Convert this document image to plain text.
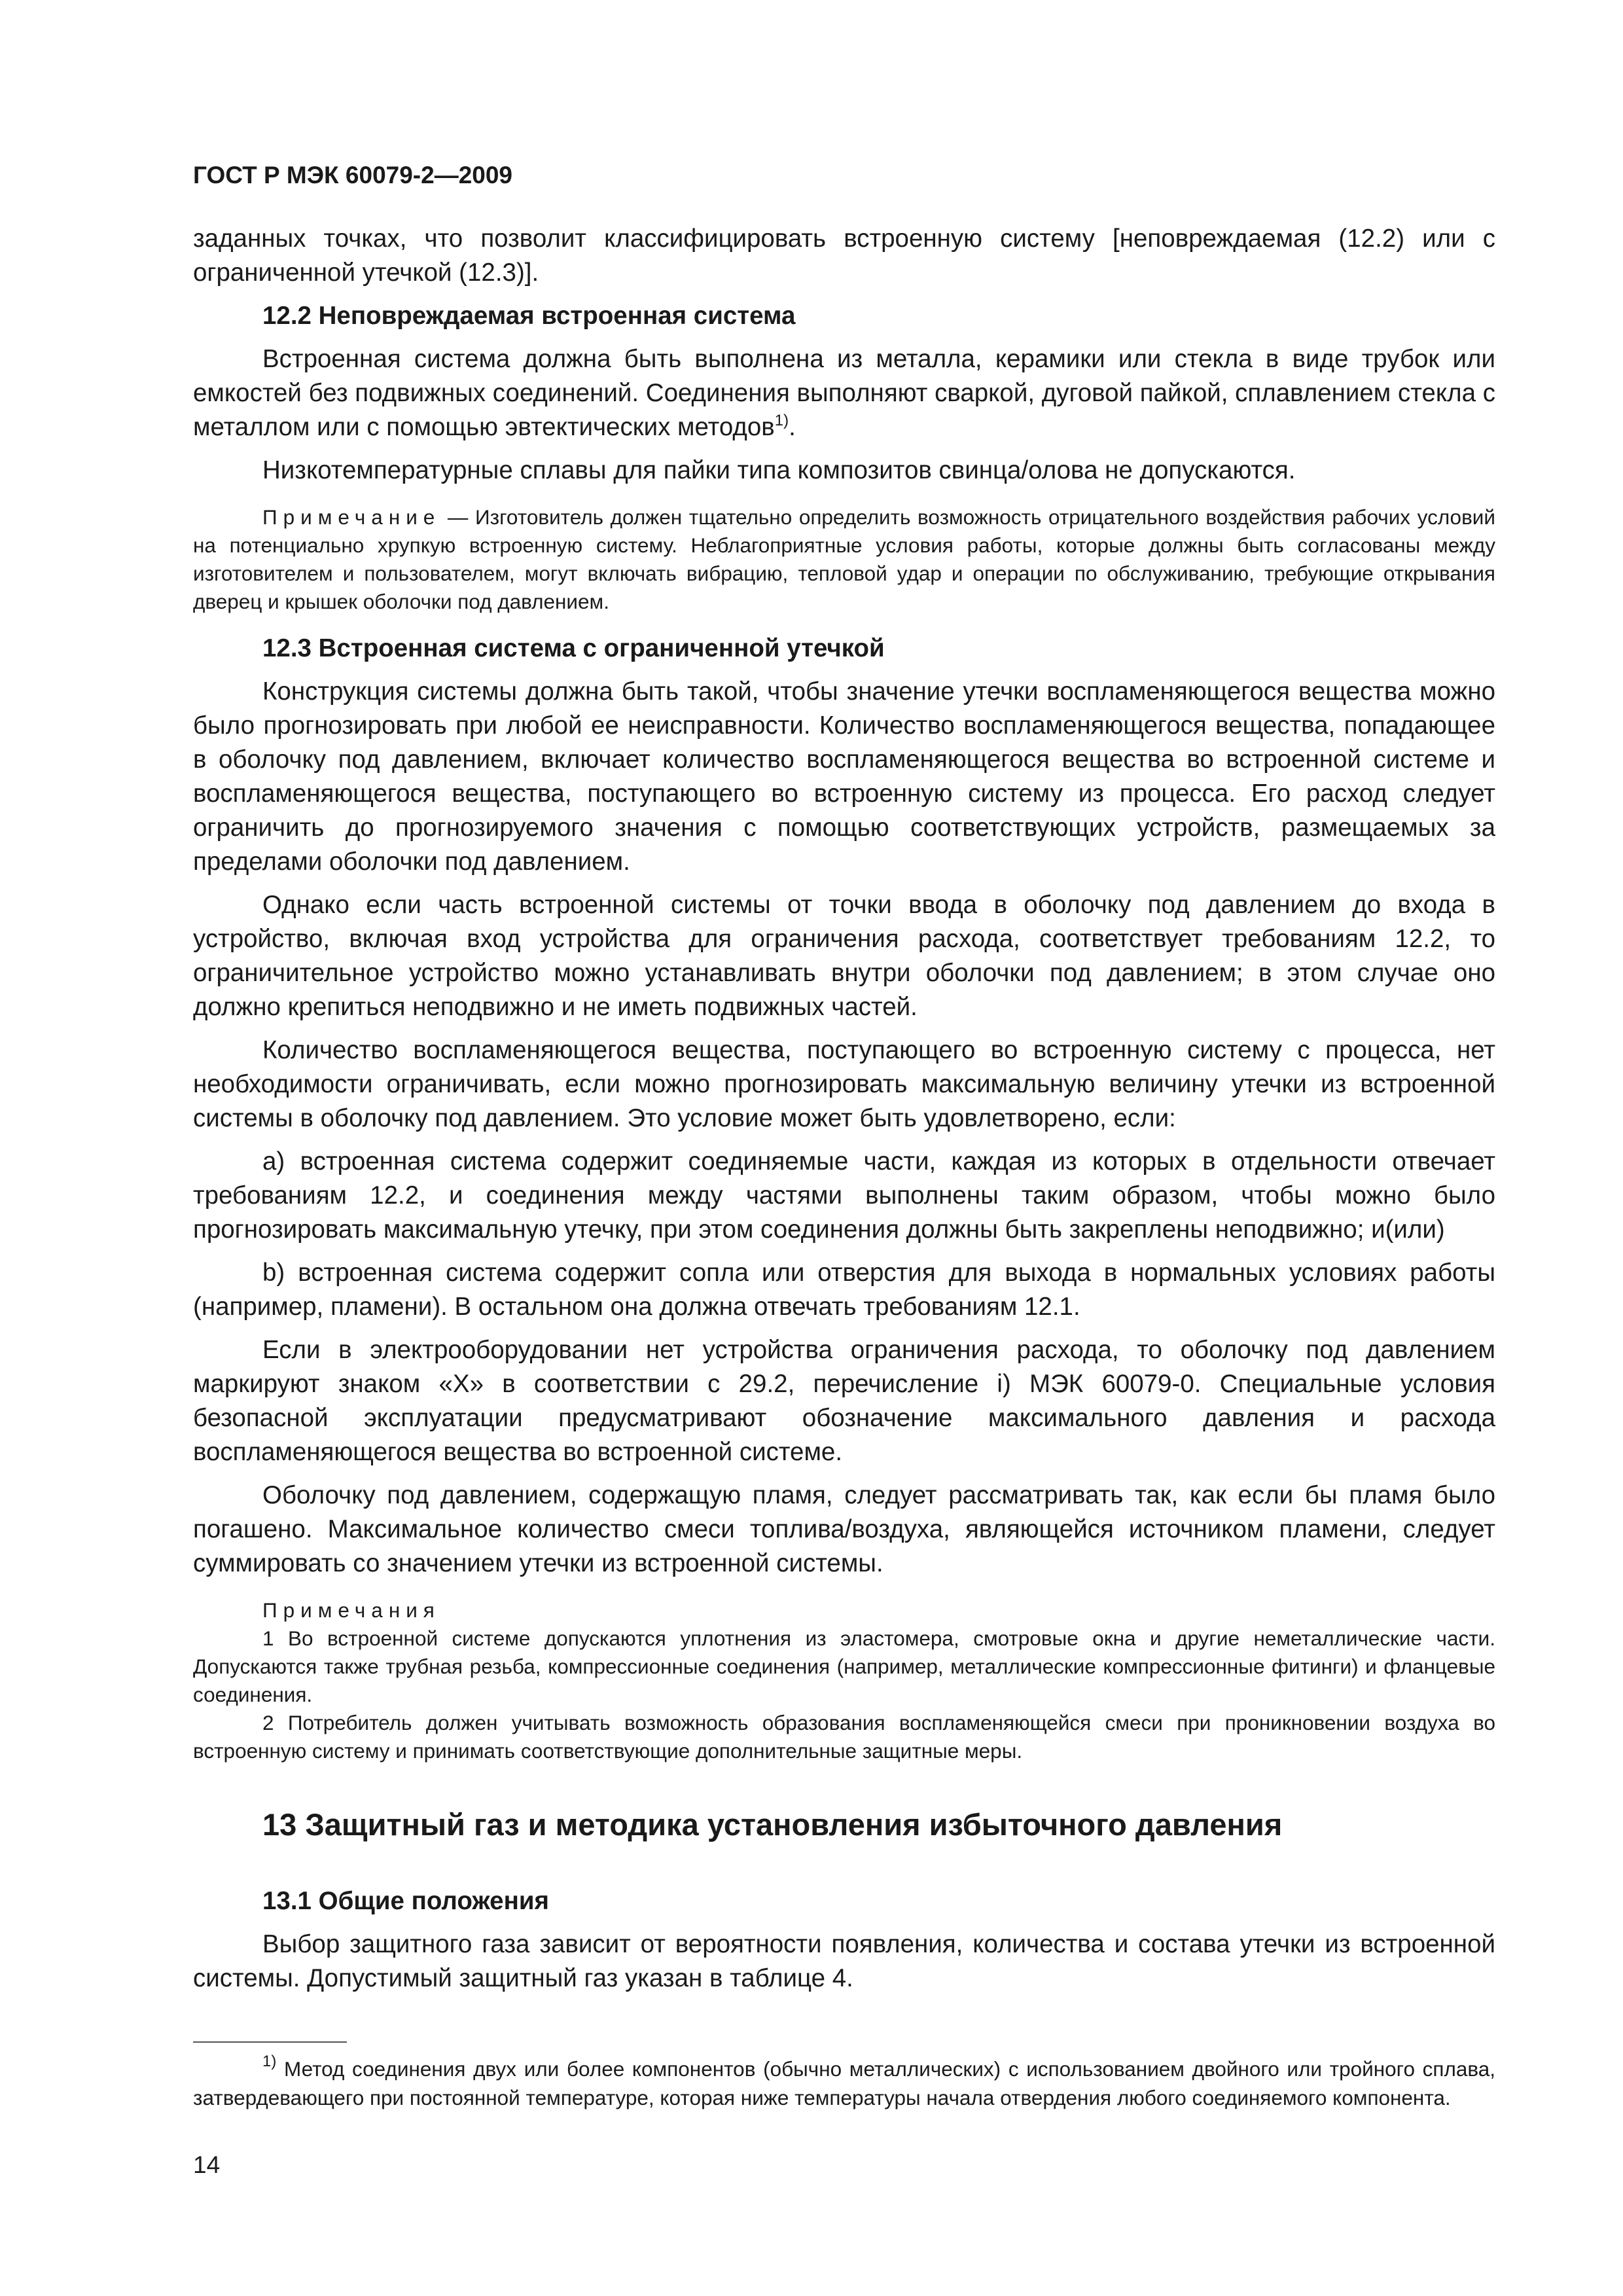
ГОСТ Р МЭК 60079-2—2009

заданных точках, что позволит классифицировать встроенную систему [неповреждаемая (12.2) или с ограниченной утечкой (12.3)].

12.2 Неповреждаемая встроенная система

Встроенная система должна быть выполнена из металла, керамики или стекла в виде трубок или емкостей без подвижных соединений. Соединения выполняют сваркой, дуговой пайкой, сплавлением стекла с металлом или с помощью эвтектических методов$^{1)}$.

Низкотемпературные сплавы для пайки типа композитов свинца/олова не допускаются.

Примечание — Изготовитель должен тщательно определить возможность отрицательного воздействия рабочих условий на потенциально хрупкую встроенную систему. Неблагоприятные условия работы, которые должны быть согласованы между изготовителем и пользователем, могут включать вибрацию, тепловой удар и операции по обслуживанию, требующие открывания дверец и крышек оболочки под давлением.

12.3 Встроенная система с ограниченной утечкой

Конструкция системы должна быть такой, чтобы значение утечки воспламеняющегося вещества можно было прогнозировать при любой ее неисправности. Количество воспламеняющегося вещества, попадающее в оболочку под давлением, включает количество воспламеняющегося вещества во встроенной системе и воспламеняющегося вещества, поступающего во встроенную систему из процесса. Его расход следует ограничить до прогнозируемого значения с помощью соответствующих устройств, размещаемых за пределами оболочки под давлением.

Однако если часть встроенной системы от точки ввода в оболочку под давлением до входа в устройство, включая вход устройства для ограничения расхода, соответствует требованиям 12.2, то ограничительное устройство можно устанавливать внутри оболочки под давлением; в этом случае оно должно крепиться неподвижно и не иметь подвижных частей.

Количество воспламеняющегося вещества, поступающего во встроенную систему с процесса, нет необходимости ограничивать, если можно прогнозировать максимальную величину утечки из встроенной системы в оболочку под давлением. Это условие может быть удовлетворено, если:

a) встроенная система содержит соединяемые части, каждая из которых в отдельности отвечает требованиям 12.2, и соединения между частями выполнены таким образом, чтобы можно было прогнозировать максимальную утечку, при этом соединения должны быть закреплены неподвижно; и(или)

b) встроенная система содержит сопла или отверстия для выхода в нормальных условиях работы (например, пламени). В остальном она должна отвечать требованиям 12.1.

Если в электрооборудовании нет устройства ограничения расхода, то оболочку под давлением маркируют знаком «X» в соответствии с 29.2, перечисление i) МЭК 60079-0. Специальные условия безопасной эксплуатации предусматривают обозначение максимального давления и расхода воспламеняющегося вещества во встроенной системе.

Оболочку под давлением, содержащую пламя, следует рассматривать так, как если бы пламя было погашено. Максимальное количество смеси топлива/воздуха, являющейся источником пламени, следует суммировать со значением утечки из встроенной системы.

Примечания

1 Во встроенной системе допускаются уплотнения из эластомера, смотровые окна и другие неметаллические части. Допускаются также трубная резьба, компрессионные соединения (например, металлические компрессионные фитинги) и фланцевые соединения.

2 Потребитель должен учитывать возможность образования воспламеняющейся смеси при проникновении воздуха во встроенную систему и принимать соответствующие дополнительные защитные меры.

13 Защитный газ и методика установления избыточного давления

13.1 Общие положения

Выбор защитного газа зависит от вероятности появления, количества и состава утечки из встроенной системы. Допустимый защитный газ указан в таблице 4.

$^{1)}$ Метод соединения двух или более компонентов (обычно металлических) с использованием двойного или тройного сплава, затвердевающего при постоянной температуре, которая ниже температуры начала отвердения любого соединяемого компонента.

14
